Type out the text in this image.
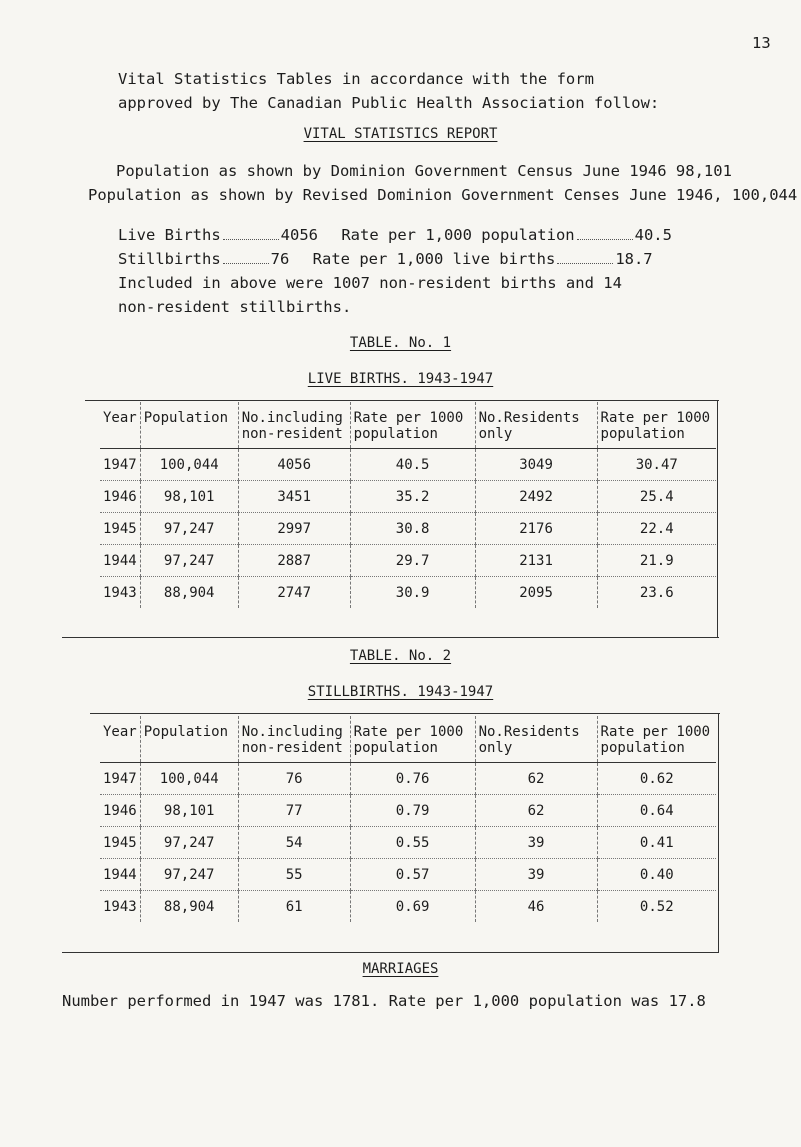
13
Vital Statistics Tables in accordance with the form
approved by The Canadian Public Health Association follow:
VITAL STATISTICS REPORT
Population as shown by Dominion Government Census June 1946 98,101
Population as shown by Revised Dominion Government Censes June 1946, 100,044
Live Births	4056 Rate per 1,000 population	40.5
Stillbirths	76 Rate per 1,000 live births	18.7
Included in above were 1007 non-resident births and 14
non-resident stillbirths.
TABLE. No. 1
LIVE BIRTHS. 1943-1947
Year	Population	No.including non-resident	Rate per 1000 population	No.Residents only	Rate per 1000 population
1947	100,044	4056	40.5	3049	30.47
1946	98,101	3451	35.2	2492	25.4
1945	97,247	2997	30.8	2176	22.4
1944	97,247	2887	29.7	2131	21.9
1943	88,904	2747	30.9	2095	23.6
TABLE. No. 2
STILLBIRTHS. 1943-1947
Year	Population	No.including non-resident	Rate per 1000 population	No.Residents only	Rate per 1000 population
1947	100,044	76	0.76	62	0.62
1946	98,101	77	0.79	62	0.64
1945	97,247	54	0.55	39	0.41
1944	97,247	55	0.57	39	0.40
1943	88,904	61	0.69	46	0.52
MARRIAGES
Number performed in 1947 was 1781. Rate per 1,000 population was 17.8
